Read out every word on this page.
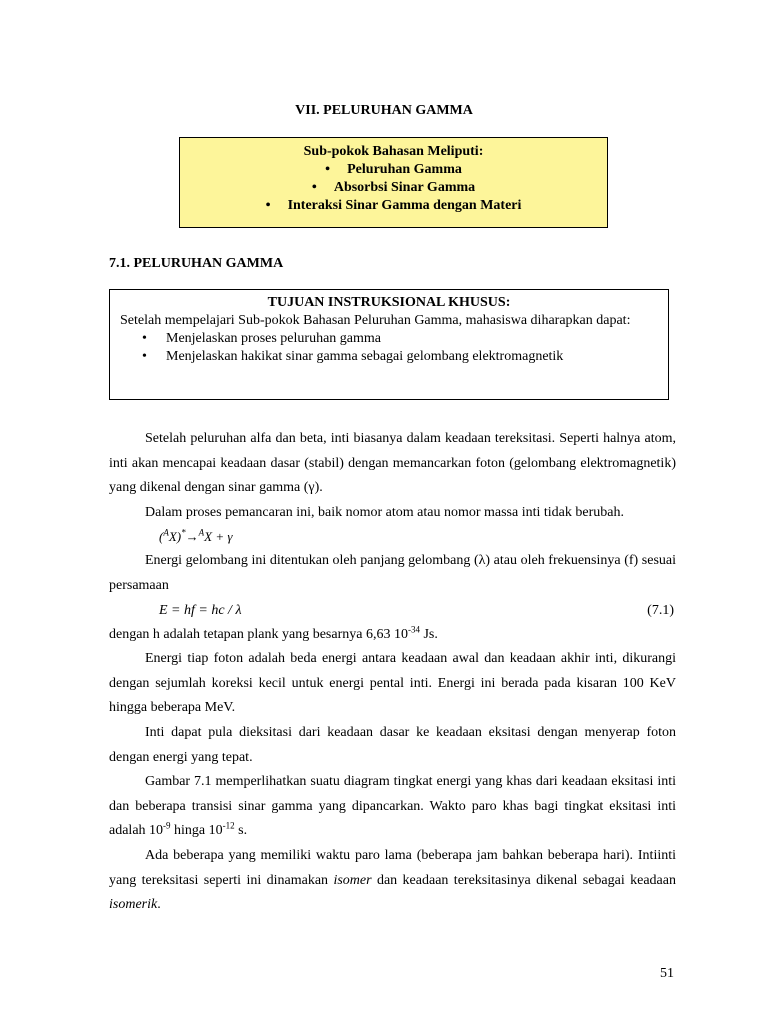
VII. PELURUHAN GAMMA
Sub-pokok Bahasan Meliputi:
• Peluruhan Gamma
• Absorbsi Sinar Gamma
• Interaksi Sinar Gamma dengan Materi
7.1. PELURUHAN GAMMA
TUJUAN INSTRUKSIONAL KHUSUS:
Setelah mempelajari Sub-pokok Bahasan Peluruhan Gamma, mahasiswa diharapkan dapat:
• Menjelaskan proses peluruhan gamma
• Menjelaskan hakikat sinar gamma sebagai gelombang elektromagnetik

Setelah peluruhan alfa dan beta, inti biasanya dalam keadaan tereksitasi. Seperti halnya atom, inti akan mencapai keadaan dasar (stabil) dengan memancarkan foton (gelombang elektromagnetik) yang dikenal dengan sinar gamma (γ).

Dalam proses pemancaran ini, baik nomor atom atau nomor massa inti tidak berubah.

($^A$X)*→$^A$X + γ

Energi gelombang ini ditentukan oleh panjang gelombang (λ) atau oleh frekuensinya (f) sesuai persamaan

E = hf = hc / λ	(7.1)

dengan h adalah tetapan plank yang besarnya 6,63 $10^{-34}$ Js.

Energi tiap foton adalah beda energi antara keadaan awal dan keadaan akhir inti, dikurangi dengan sejumlah koreksi kecil untuk energi pental inti. Energi ini berada pada kisaran 100 KeV hingga beberapa MeV.

Inti dapat pula dieksitasi dari keadaan dasar ke keadaan eksitasi dengan menyerap foton dengan energi yang tepat.

Gambar 7.1 memperlihatkan suatu diagram tingkat energi yang khas dari keadaan eksitasi inti dan beberapa transisi sinar gamma yang dipancarkan. Wakto paro khas bagi tingkat eksitasi inti adalah $10^{-9}$ hinga $10^{-12}$ s.

Ada beberapa yang memiliki waktu paro lama (beberapa jam bahkan beberapa hari). Intiinti yang tereksitasi seperti ini dinamakan isomer dan keadaan tereksitasinya dikenal sebagai keadaan isomerik.

51
